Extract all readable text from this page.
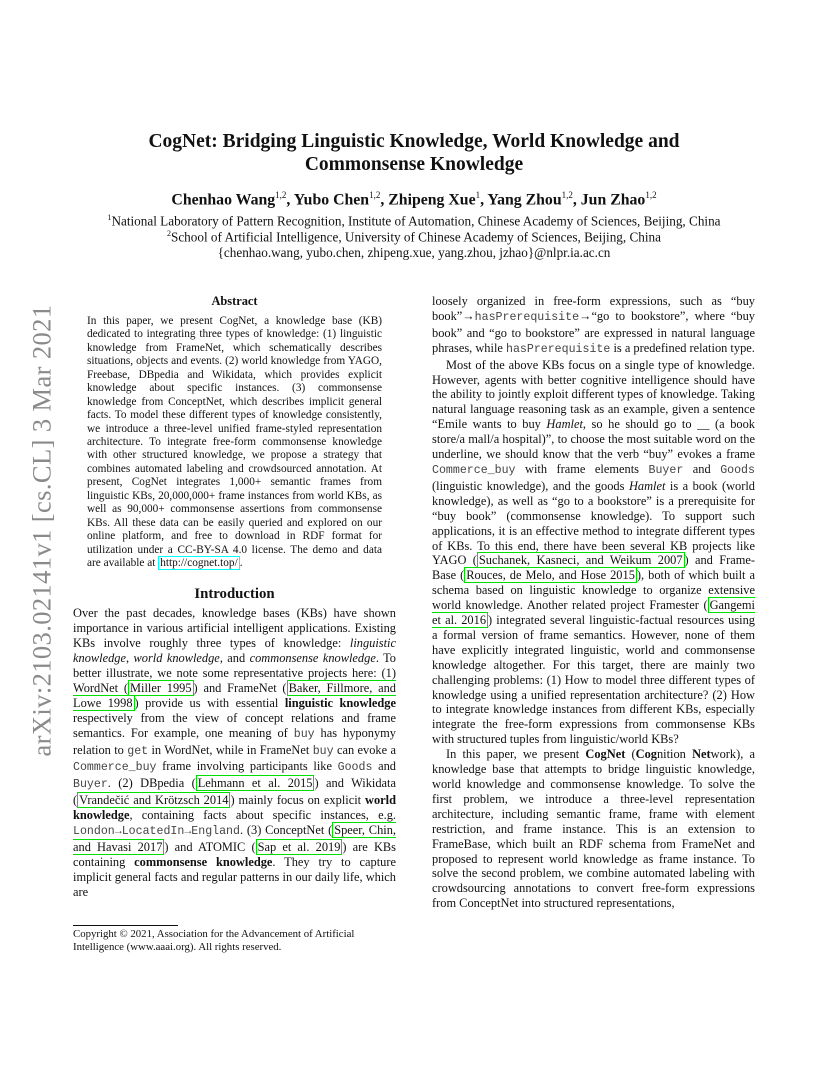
arXiv:2103.02141v1 [cs.CL] 3 Mar 2021
CogNet: Bridging Linguistic Knowledge, World Knowledge and Commonsense Knowledge
Chenhao Wang$^{1,2}$, Yubo Chen$^{1,2}$, Zhipeng Xue$^1$, Yang Zhou$^{1,2}$, Jun Zhao$^{1,2}$
$^1$National Laboratory of Pattern Recognition, Institute of Automation, Chinese Academy of Sciences, Beijing, China
$^2$School of Artificial Intelligence, University of Chinese Academy of Sciences, Beijing, China
{chenhao.wang, yubo.chen, zhipeng.xue, yang.zhou, jzhao}@nlpr.ia.ac.cn
Abstract

In this paper, we present CogNet, a knowledge base (KB) dedicated to integrating three types of knowledge: (1) linguistic knowledge from FrameNet, which schematically describes situations, objects and events. (2) world knowledge from YAGO, Freebase, DBpedia and Wikidata, which provides explicit knowledge about specific instances. (3) commonsense knowledge from ConceptNet, which describes implicit general facts. To model these different types of knowledge consistently, we introduce a three-level unified frame-styled representation architecture. To integrate free-form commonsense knowledge with other structured knowledge, we propose a strategy that combines automated labeling and crowdsourced annotation. At present, CogNet integrates 1,000+ semantic frames from linguistic KBs, 20,000,000+ frame instances from world KBs, as well as 90,000+ commonsense assertions from commonsense KBs. All these data can be easily queried and explored on our online platform, and free to download in RDF format for utilization under a CC-BY-SA 4.0 license. The demo and data are available at http://cognet.top/ .

Introduction

Over the past decades, knowledge bases (KBs) have shown importance in various artificial intelligent applications. Existing KBs involve roughly three types of knowledge: linguistic knowledge, world knowledge, and commonsense knowledge. To better illustrate, we note some representative projects here: (1) WordNet ( Miller 1995 ) and FrameNet ( Baker, Fillmore, and Lowe 1998 ) provide us with essential linguistic knowledge respectively from the view of concept relations and frame semantics. For example, one meaning of buy has hyponymy relation to get in WordNet, while in FrameNet buy can evoke a Commerce_buy frame involving participants like Goods and Buyer. (2) DBpedia ( Lehmann et al. 2015 ) and Wikidata ( Vrandečić and Krötzsch 2014 ) mainly focus on explicit world knowledge, containing facts about specific instances, e.g. London→LocatedIn→England. (3) ConceptNet ( Speer, Chin, and Havasi 2017 ) and ATOMIC ( Sap et al. 2019 ) are KBs containing commonsense knowledge. They try to capture implicit general facts and regular patterns in our daily life, which are

Copyright © 2021, Association for the Advancement of Artificial Intelligence (www.aaai.org). All rights reserved.

loosely organized in free-form expressions, such as “buy book”→hasPrerequisite→“go to bookstore”, where “buy book” and “go to bookstore” are expressed in natural language phrases, while hasPrerequisite is a predefined relation type.

Most of the above KBs focus on a single type of knowledge. However, agents with better cognitive intelligence should have the ability to jointly exploit different types of knowledge. Taking natural language reasoning task as an example, given a sentence “Emile wants to buy Hamlet, so he should go to __ (a book store/a mall/a hospital)”, to choose the most suitable word on the underline, we should know that the verb “buy” evokes a frame Commerce_buy with frame elements Buyer and Goods (linguistic knowledge), and the goods Hamlet is a book (world knowledge), as well as “go to a bookstore” is a prerequisite for “buy book” (commonsense knowledge). To support such applications, it is an effective method to integrate different types of KBs. To this end, there have been several KB projects like YAGO ( Suchanek, Kasneci, and Weikum 2007 ) and Frame-Base ( Rouces, de Melo, and Hose 2015 ), both of which built a schema based on linguistic knowledge to organize extensive world knowledge. Another related project Framester ( Gangemi et al. 2016 ) integrated several linguistic-factual resources using a formal version of frame semantics. However, none of them have explicitly integrated linguistic, world and commonsense knowledge altogether. For this target, there are mainly two challenging problems: (1) How to model three different types of knowledge using a unified representation architecture? (2) How to integrate knowledge instances from different KBs, especially integrate the free-form expressions from commonsense KBs with structured tuples from linguistic/world KBs?

In this paper, we present CogNet (Cognition Network), a knowledge base that attempts to bridge linguistic knowledge, world knowledge and commonsense knowledge. To solve the first problem, we introduce a three-level representation architecture, including semantic frame, frame with element restriction, and frame instance. This is an extension to FrameBase, which built an RDF schema from FrameNet and proposed to represent world knowledge as frame instance. To solve the second problem, we combine automated labeling with crowdsourcing annotations to convert free-form expressions from ConceptNet into structured representations,
